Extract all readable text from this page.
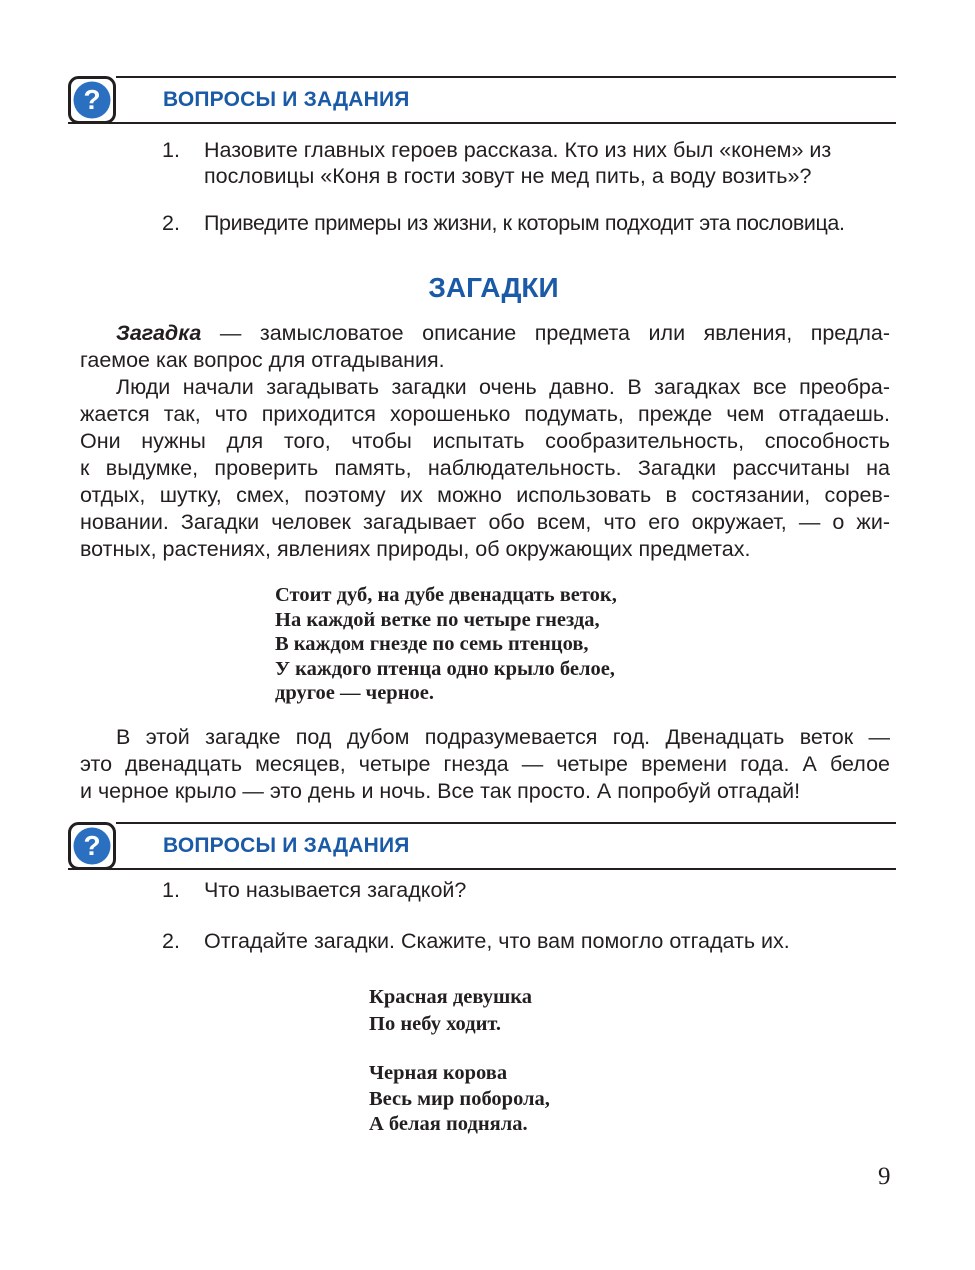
?	ВОПРОСЫ И ЗАДАНИЯ
1. Назовите главных героев рассказа. Кто из них был «конем» из
пословицы «Коня в гости зовут не мед пить, а воду возить»?
2. Приведите примеры из жизни, к которым подходит эта пословица.
ЗАГАДКИ
Загадка — замысловатое описание предмета или явления, предла-
гаемое как вопрос для отгадывания.
Люди начали загадывать загадки очень давно. В загадках все преобра-
жается так, что приходится хорошенько подумать, прежде чем отгадаешь.
Они нужны для того, чтобы испытать сообразительность, способность
к выдумке, проверить память, наблюдательность. Загадки рассчитаны на
отдых, шутку, смех, поэтому их можно использовать в состязании, сорев-
новании. Загадки человек загадывает обо всем, что его окружает, — о жи-
вотных, растениях, явлениях природы, об окружающих предметах.
Стоит дуб, на дубе двенадцать веток,
На каждой ветке по четыре гнезда,
В каждом гнезде по семь птенцов,
У каждого птенца одно крыло белое,
другое — черное.
В этой загадке под дубом подразумевается год. Двенадцать веток —
это двенадцать месяцев, четыре гнезда — четыре времени года. А белое
и черное крыло — это день и ночь. Все так просто. А попробуй отгадай!
?	ВОПРОСЫ И ЗАДАНИЯ
1. Что называется загадкой?
2. Отгадайте загадки. Скажите, что вам помогло отгадать их.
Красная девушка
По небу ходит.
Черная корова
Весь мир поборола,
А белая подняла.
9
